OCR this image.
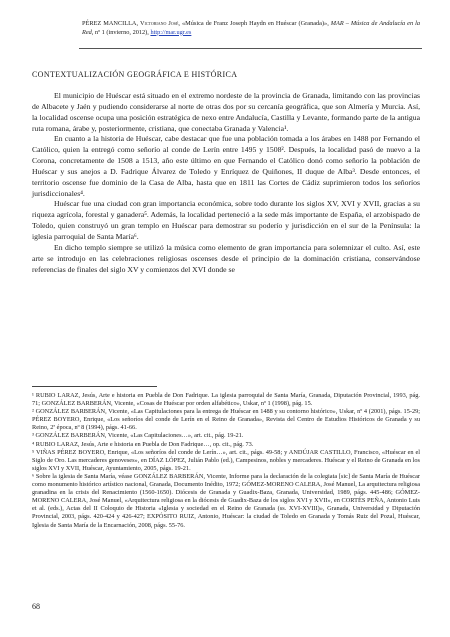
PÉREZ MANCILLA, Victoriano José, «Música de Franz Joseph Haydn en Huéscar (Granada)», MAR – Música de Andalucía en la Red, nº 1 (invierno, 2012), http://mar.ugr.es
CONTEXTUALIZACIÓN GEOGRÁFICA E HISTÓRICA

El municipio de Huéscar está situado en el extremo nordeste de la provincia de Granada, limitando con las provincias de Albacete y Jaén y pudiendo considerarse al norte de otras dos por su cercanía geográfica, que son Almería y Murcia. Así, la localidad oscense ocupa una posición estratégica de nexo entre Andalucía, Castilla y Levante, formando parte de la antigua ruta romana, árabe y, posteriormente, cristiana, que conectaba Granada y Valencia¹.

En cuanto a la historia de Huéscar, cabe destacar que fue una población tomada a los árabes en 1488 por Fernando el Católico, quien la entregó como señorío al conde de Lerín entre 1495 y 1508². Después, la localidad pasó de nuevo a la Corona, concretamente de 1508 a 1513, año este último en que Fernando el Católico donó como señorío la población de Huéscar y sus anejos a D. Fadrique Álvarez de Toledo y Enríquez de Quiñones, II duque de Alba³. Desde entonces, el territorio oscense fue dominio de la Casa de Alba, hasta que en 1811 las Cortes de Cádiz suprimieron todos los señoríos jurisdiccionales⁴.

Huéscar fue una ciudad con gran importancia económica, sobre todo durante los siglos XV, XVI y XVII, gracias a su riqueza agrícola, forestal y ganadera⁵. Además, la localidad perteneció a la sede más importante de España, el arzobispado de Toledo, quien construyó un gran templo en Huéscar para demostrar su poderío y jurisdicción en el sur de la Península: la iglesia parroquial de Santa María⁶.

En dicho templo siempre se utilizó la música como elemento de gran importancia para solemnizar el culto. Así, este arte se introdujo en las celebraciones religiosas oscenses desde el principio de la dominación cristiana, conservándose referencias de finales del siglo XV y comienzos del XVI donde se

¹ RUBIO LARAZ, Jesús, Arte e historia en Puebla de Don Fadrique. La iglesia parroquial de Santa María, Granada, Diputación Provincial, 1993, pág. 71; GONZÁLEZ BARBERÁN, Vicente, «Cosas de Huéscar por orden alfabético», Uskar, nº 1 (1998), pág. 15.

² GONZÁLEZ BARBERÁN, Vicente, «Las Capitulaciones para la entrega de Huéscar en 1488 y su contorno histórico», Uskar, nº 4 (2001), págs. 15-29; PÉREZ BOYERO, Enrique, «Los señoríos del conde de Lerín en el Reino de Granada», Revista del Centro de Estudios Históricos de Granada y su Reino, 2ª época, nº 8 (1994), págs. 41-66.

³ GONZÁLEZ BARBERÁN, Vicente, «Las Capitulaciones…», art. cit., pág. 19-21.

⁴ RUBIO LARAZ, Jesús, Arte e historia en Puebla de Don Fadrique…, op. cit., pág. 73.

⁵ VIÑAS PÉREZ BOYERO, Enrique, «Los señoríos del conde de Lerín…», art. cit., págs. 49-58; y ANDÚJAR CASTILLO, Francisco, «Huéscar en el Siglo de Oro. Las mercaderes genoveses», en DÍAZ LÓPEZ, Julián Pablo (ed.), Campesinos, nobles y mercaderes. Huéscar y el Reino de Granada en los siglos XVI y XVII, Huéscar, Ayuntamiento, 2005, págs. 19-21.

⁶ Sobre la iglesia de Santa María, véase GONZÁLEZ BARBERÁN, Vicente, Informe para la declaración de la colegiata [sic] de Santa María de Huéscar como monumento histórico artístico nacional, Granada, Documento Inédito, 1972; GÓMEZ-MORENO CALERA, José Manuel, La arquitectura religiosa granadina en la crisis del Renacimiento (1560-1650). Diócesis de Granada y Guadix-Baza, Granada, Universidad, 1989, págs. 445-486; GÓMEZ-MORENO CALERA, José Manuel, «Arquitectura religiosa en la diócesis de Guadix-Baza de los siglos XVI y XVII», en CORTÉS PEÑA, Antonio Luis et al. (eds.), Actas del II Coloquio de Historia «Iglesia y sociedad en el Reino de Granada (ss. XVI-XVIII)», Granada, Universidad y Diputación Provincial, 2003, págs. 420-424 y 426-427; EXPÓSITO RUIZ, Antonio, Huéscar: la ciudad de Toledo en Granada y Tomás Ruiz del Pozal, Huéscar, Iglesia de Santa María de la Encarnación, 2008, págs. 55-76.

68
